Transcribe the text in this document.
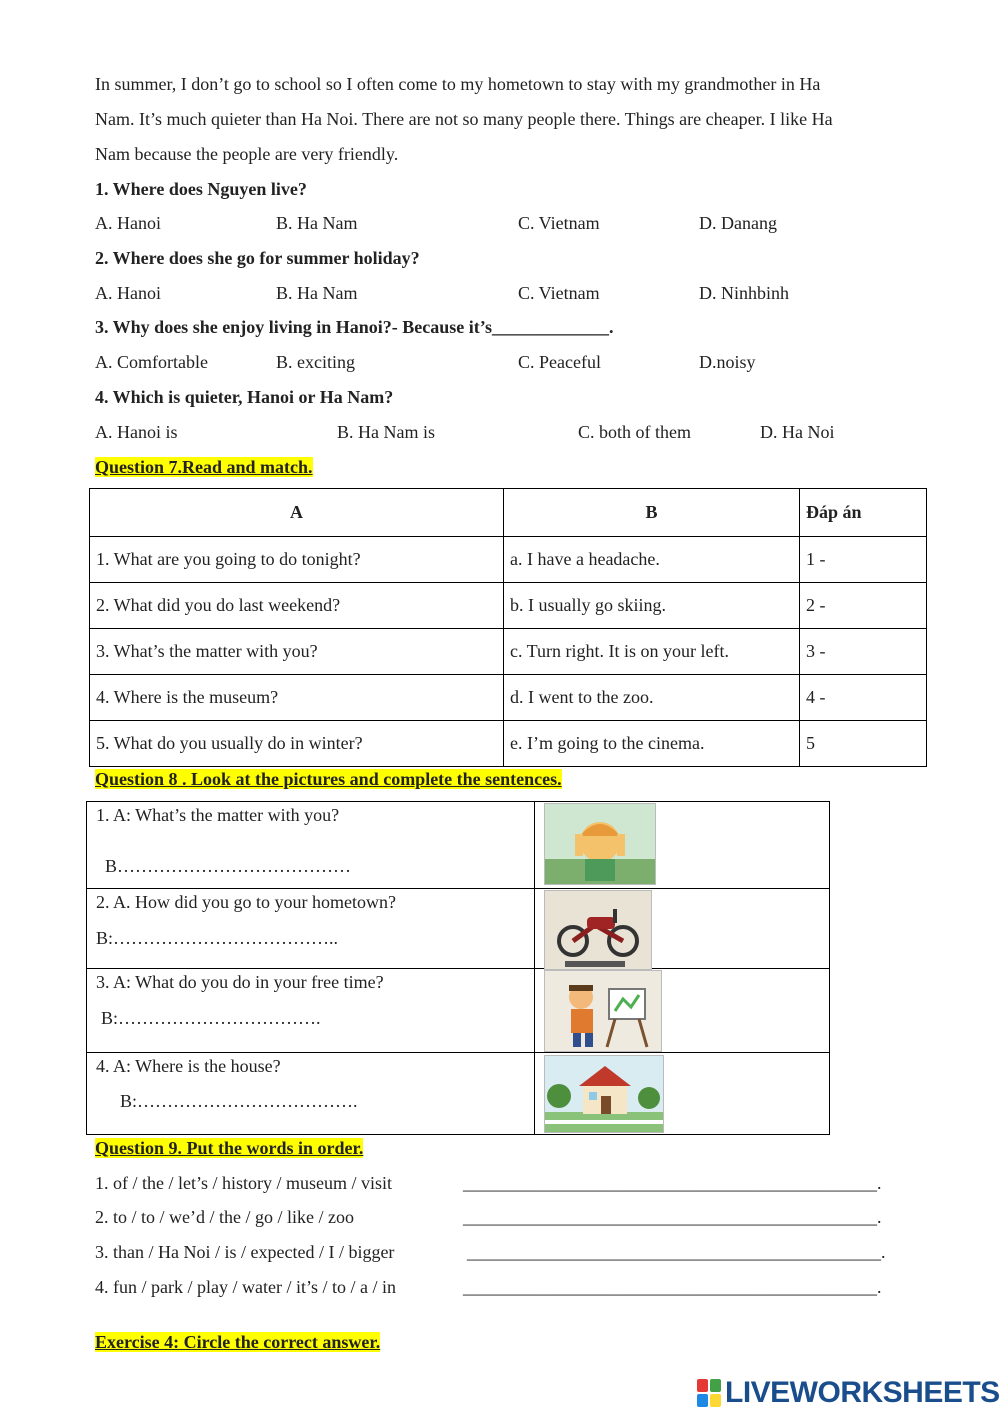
In summer, I don’t go to school so I often come to my hometown to stay with my grandmother in Ha
Nam. It’s much quieter than Ha Noi. There are not so many people there. Things are cheaper. I like Ha
Nam because the people are very friendly.
1. Where does Nguyen live?
A. Hanoi	B. Ha Nam	C. Vietnam	D. Danang
2. Where does she go for summer holiday?
A. Hanoi	B. Ha Nam	C. Vietnam	D. Ninhbinh
3. Why does she enjoy living in Hanoi?- Because it’s_____________.
A. Comfortable	B. exciting	C. Peaceful	D.noisy
4. Which is quieter, Hanoi or Ha Nam?
A. Hanoi is	B. Ha Nam is	C. both of them	D. Ha Noi
Question 7.Read and match.
A	B	Đáp án
1. What are you going to do tonight?	a. I have a headache.	1 -
2. What did you do last weekend?	b. I usually go skiing.	2 -
3. What’s the matter with you?	c. Turn right. It is on your left.	3 -
4. Where is the museum?	d. I went to the zoo.	4 -
5. What do you usually do in winter?	e. I’m going to the cinema.	5
Question 8 . Look at the pictures and complete the sentences.
1. A: What’s the matter with you?
B…………………………………

2. A. How did you go to your hometown?
B:………………………………..

3. A: What do you do in your free time?
B:…………………………….

4. A: Where is the house?
B:……………………………….

Question 9. Put the words in order.
1. of / the / let’s / history / museum / visit	______________________________________________.
2. to / to / we’d / the / go / like / zoo	______________________________________________.
3. than / Ha Noi / is / expected / I / bigger	______________________________________________.
4. fun / park / play / water / it’s / to / a / in	______________________________________________.
Exercise 4: Circle the correct answer.
LIVEWORKSHEETS
